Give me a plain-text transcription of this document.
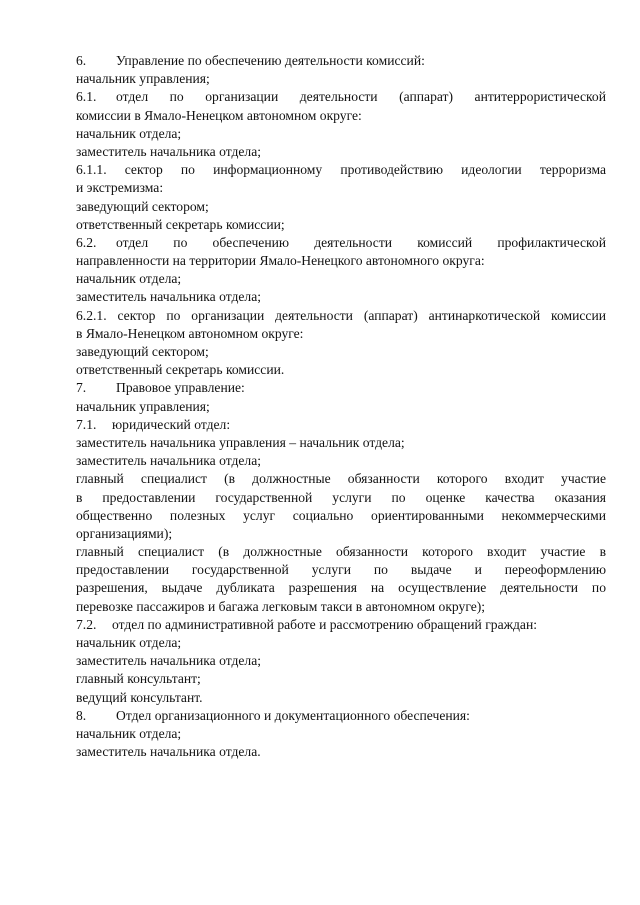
6. Управление по обеспечению деятельности комиссий:
начальник управления;
6.1. отдел по организации деятельности (аппарат) антитеррористической
комиссии в Ямало-Ненецком автономном округе:
начальник отдела;
заместитель начальника отдела;
6.1.1. сектор по информационному противодействию идеологии терроризма
и экстремизма:
заведующий сектором;
ответственный секретарь комиссии;
6.2. отдел по обеспечению деятельности комиссий профилактической
направленности на территории Ямало-Ненецкого автономного округа:
начальник отдела;
заместитель начальника отдела;
6.2.1. сектор по организации деятельности (аппарат) антинаркотической комиссии
в Ямало-Ненецком автономном округе:
заведующий сектором;
ответственный секретарь комиссии.
7. Правовое управление:
начальник управления;
7.1. юридический отдел:
заместитель начальника управления – начальник отдела;
заместитель начальника отдела;
главный специалист (в должностные обязанности которого входит участие
в предоставлении государственной услуги по оценке качества оказания
общественно полезных услуг социально ориентированными некоммерческими
организациями);
главный специалист (в должностные обязанности которого входит участие в
предоставлении государственной услуги по выдаче и переоформлению
разрешения, выдаче дубликата разрешения на осуществление деятельности по
перевозке пассажиров и багажа легковым такси в автономном округе);
7.2. отдел по административной работе и рассмотрению обращений граждан:
начальник отдела;
заместитель начальника отдела;
главный консультант;
ведущий консультант.
8. Отдел организационного и документационного обеспечения:
начальник отдела;
заместитель начальника отдела.
